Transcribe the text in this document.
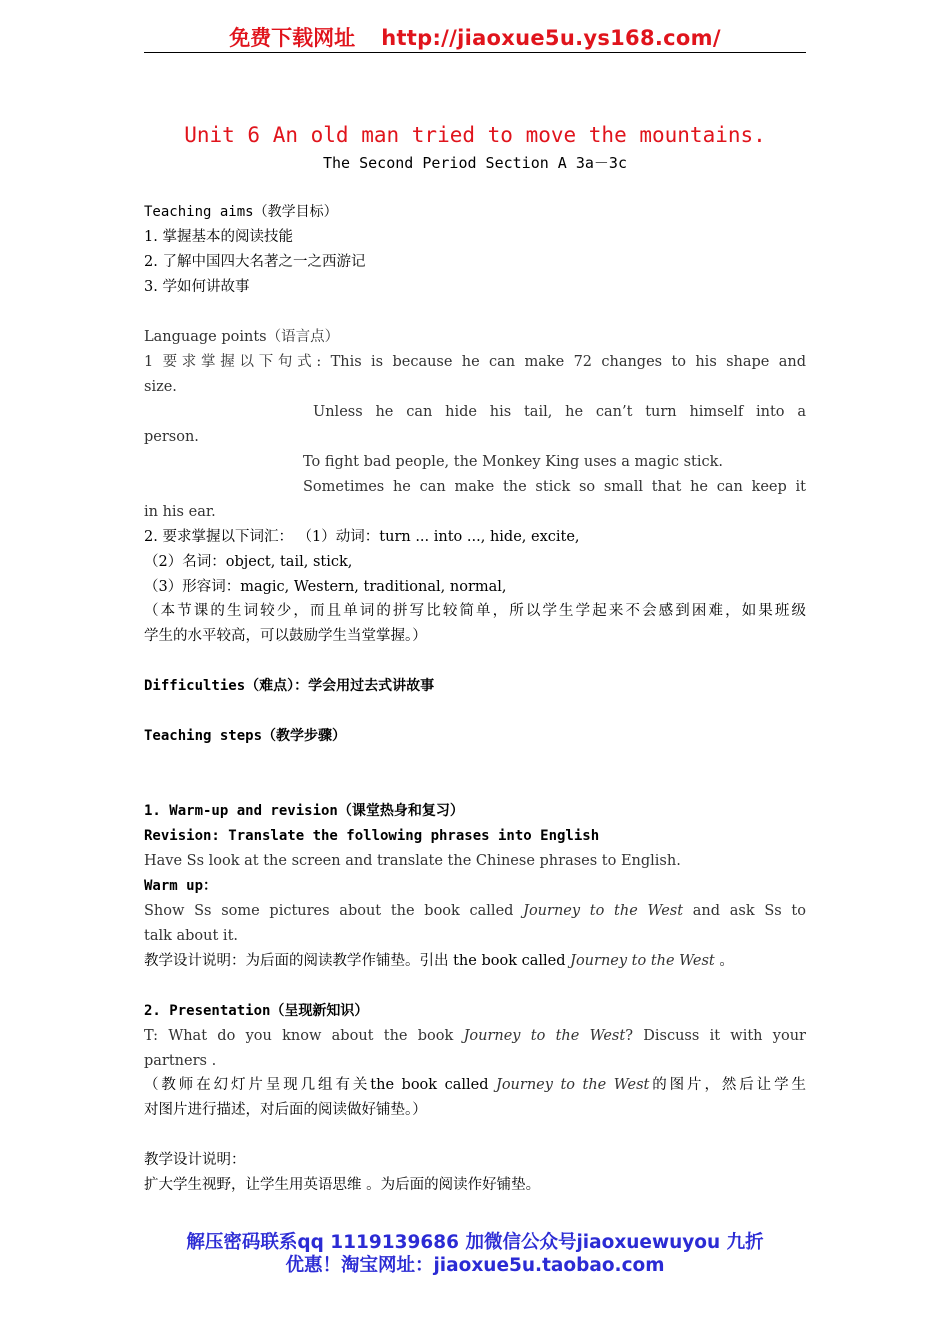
免费下载网址 http://jiaoxue5u.ys168.com/
Unit 6 An old man tried to move the mountains.
The Second Period Section A 3a－3c
Teaching aims（教学目标）
1. 掌握基本的阅读技能
2. 了解中国四大名著之一之西游记
3. 学如何讲故事
Language points（语言点）
1 要求掌握以下句式: This is because he can make 72 changes to his shape and
size.
Unless he can hide his tail, he can’t turn himself into a
person.
To fight bad people, the Monkey King uses a magic stick.
Sometimes he can make the stick so small that he can keep it
in his ear.
2. 要求掌握以下词汇： （1）动词：turn ... into ..., hide, excite,
（2）名词：object, tail, stick,
（3）形容词：magic, Western, traditional, normal,
（本节课的生词较少，而且单词的拼写比较简单，所以学生学起来不会感到困难，如果班级
学生的水平较高，可以鼓励学生当堂掌握。）
Difficulties（难点）：学会用过去式讲故事
Teaching steps（教学步骤）
1. Warm-up and revision（课堂热身和复习）
Revision: Translate the following phrases into English
Have Ss look at the screen and translate the Chinese phrases to English.
Warm up：
Show Ss some pictures about the book called Journey to the West and ask Ss to
talk about it.
教学设计说明：为后面的阅读教学作铺垫。引出 the book called Journey to the West 。
2. Presentation（呈现新知识）
T: What do you know about the book Journey to the West? Discuss it with your
partners .
（教师在幻灯片呈现几组有关the book called Journey to the West的图片，然后让学生
对图片进行描述，对后面的阅读做好铺垫。）
教学设计说明：
扩大学生视野，让学生用英语思维 。为后面的阅读作好铺垫。
解压密码联系qq 1119139686 加微信公众号jiaoxuewuyou 九折
优惠！淘宝网址：jiaoxue5u.taobao.com
